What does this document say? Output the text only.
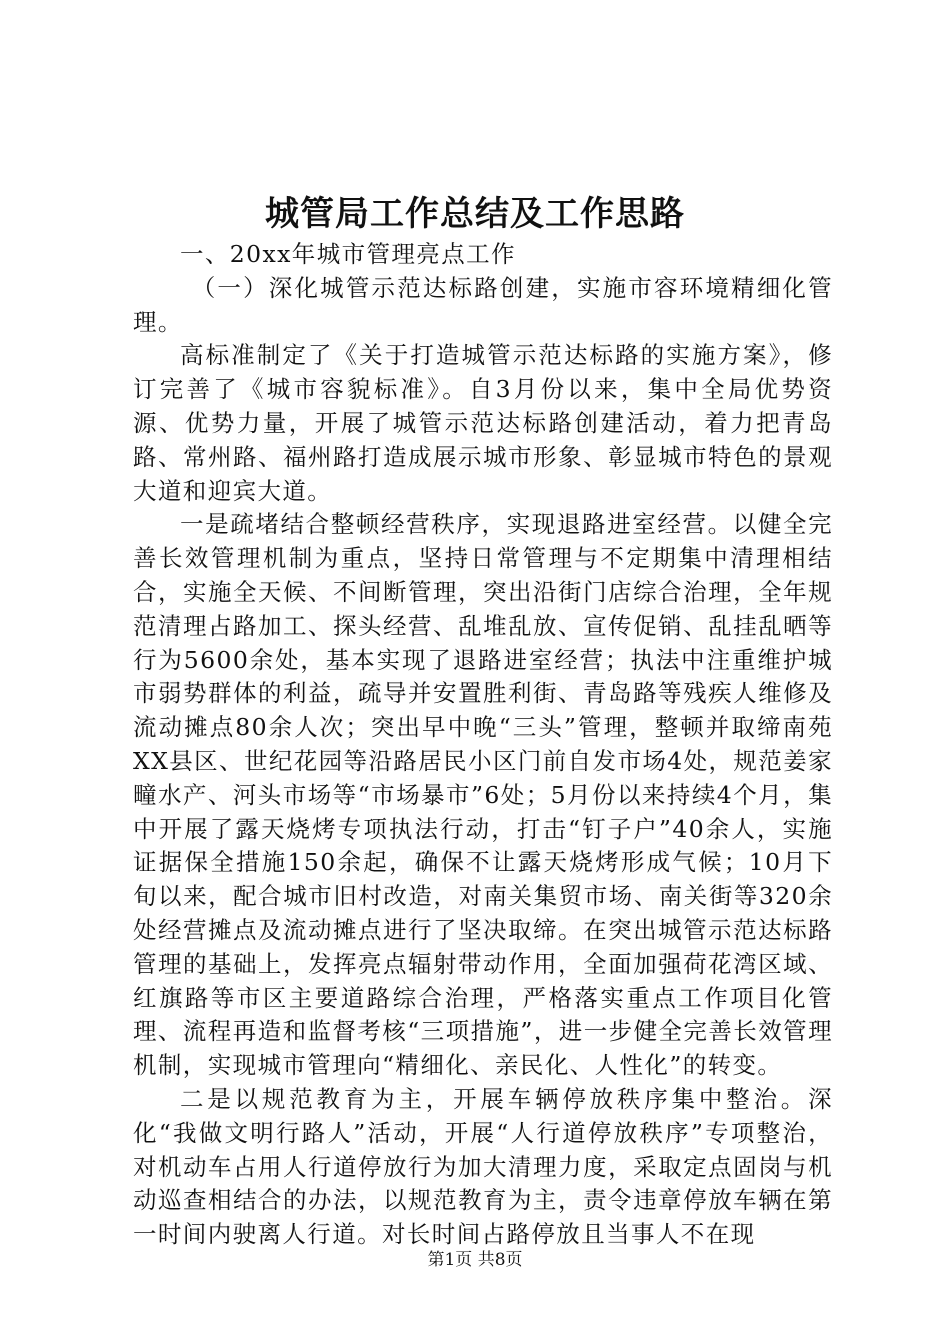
城管局工作总结及工作思路

一、20xx年城市管理亮点工作

（一）深化城管示范达标路创建，实施市容环境精细化管理。

高标准制定了《关于打造城管示范达标路的实施方案》，修订完善了《城市容貌标准》。自3月份以来，集中全局优势资源、优势力量，开展了城管示范达标路创建活动，着力把青岛路、常州路、福州路打造成展示城市形象、彰显城市特色的景观大道和迎宾大道。

一是疏堵结合整顿经营秩序，实现退路进室经营。以健全完善长效管理机制为重点，坚持日常管理与不定期集中清理相结合，实施全天候、不间断管理，突出沿街门店综合治理，全年规范清理占路加工、探头经营、乱堆乱放、宣传促销、乱挂乱晒等行为5600余处，基本实现了退路进室经营；执法中注重维护城市弱势群体的利益，疏导并安置胜利街、青岛路等残疾人维修及流动摊点80余人次；突出早中晚“三头”管理，整顿并取缔南苑XX县区、世纪花园等沿路居民小区门前自发市场4处，规范姜家疃水产、河头市场等“市场暴市”6处；5月份以来持续4个月，集中开展了露天烧烤专项执法行动，打击“钉子户”40余人，实施证据保全措施150余起，确保不让露天烧烤形成气候；10月下旬以来，配合城市旧村改造，对南关集贸市场、南关街等320余处经营摊点及流动摊点进行了坚决取缔。在突出城管示范达标路管理的基础上，发挥亮点辐射带动作用，全面加强荷花湾区域、红旗路等市区主要道路综合治理，严格落实重点工作项目化管理、流程再造和监督考核“三项措施”，进一步健全完善长效管理机制，实现城市管理向“精细化、亲民化、人性化”的转变。

二是以规范教育为主，开展车辆停放秩序集中整治。深化“我做文明行路人”活动，开展“人行道停放秩序”专项整治，对机动车占用人行道停放行为加大清理力度，采取定点固岗与机动巡查相结合的办法，以规范教育为主，责令违章停放车辆在第一时间内驶离人行道。对长时间占路停放且当事人不在现

第1页 共8页
